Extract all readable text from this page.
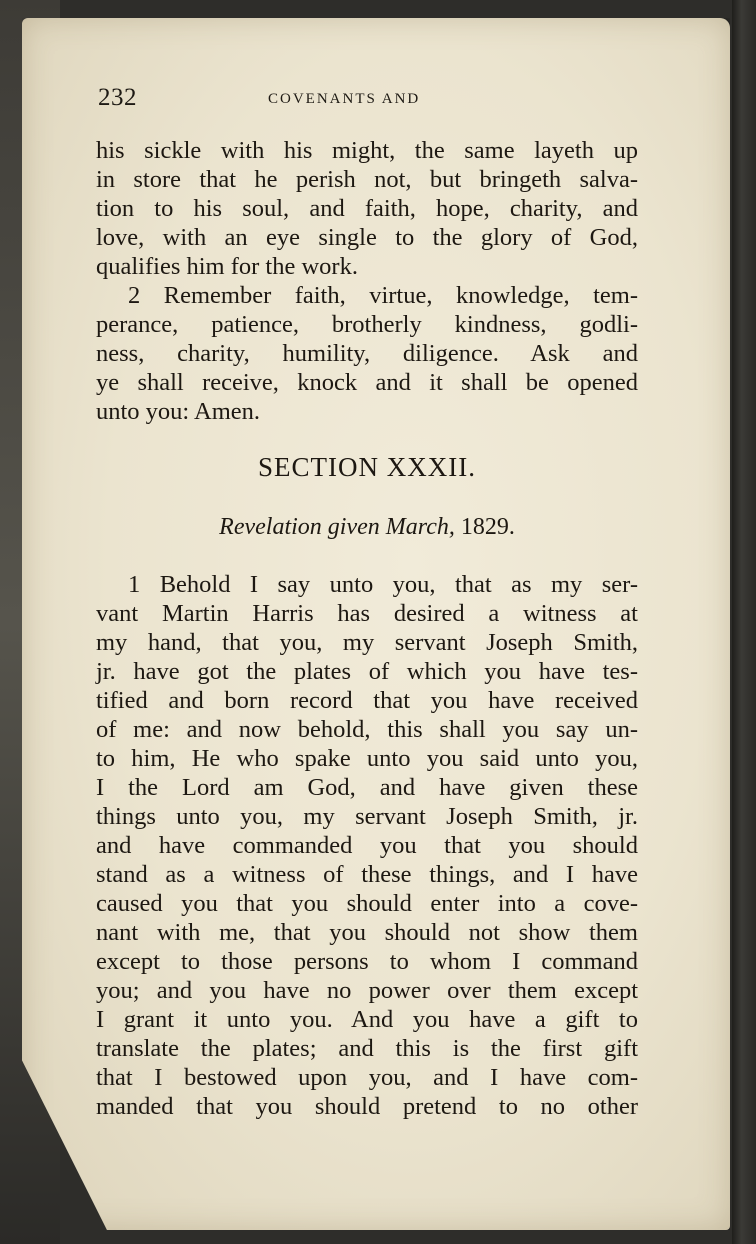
232	COVENANTS AND
his sickle with his might, the same layeth up
in store that he perish not, but bringeth salva-
tion to his soul, and faith, hope, charity, and
love, with an eye single to the glory of God,
qualifies him for the work.
2 Remember faith, virtue, knowledge, tem-
perance, patience, brotherly kindness, godli-
ness, charity, humility, diligence. Ask and
ye shall receive, knock and it shall be opened
unto you: Amen.
SECTION XXXII.
Revelation given March, 1829.
1 Behold I say unto you, that as my ser-
vant Martin Harris has desired a witness at
my hand, that you, my servant Joseph Smith,
jr. have got the plates of which you have tes-
tified and born record that you have received
of me: and now behold, this shall you say un-
to him, He who spake unto you said unto you,
I the Lord am God, and have given these
things unto you, my servant Joseph Smith, jr.
and have commanded you that you should
stand as a witness of these things, and I have
caused you that you should enter into a cove-
nant with me, that you should not show them
except to those persons to whom I command
you; and you have no power over them except
I grant it unto you. And you have a gift to
translate the plates; and this is the first gift
that I bestowed upon you, and I have com-
manded that you should pretend to no other
